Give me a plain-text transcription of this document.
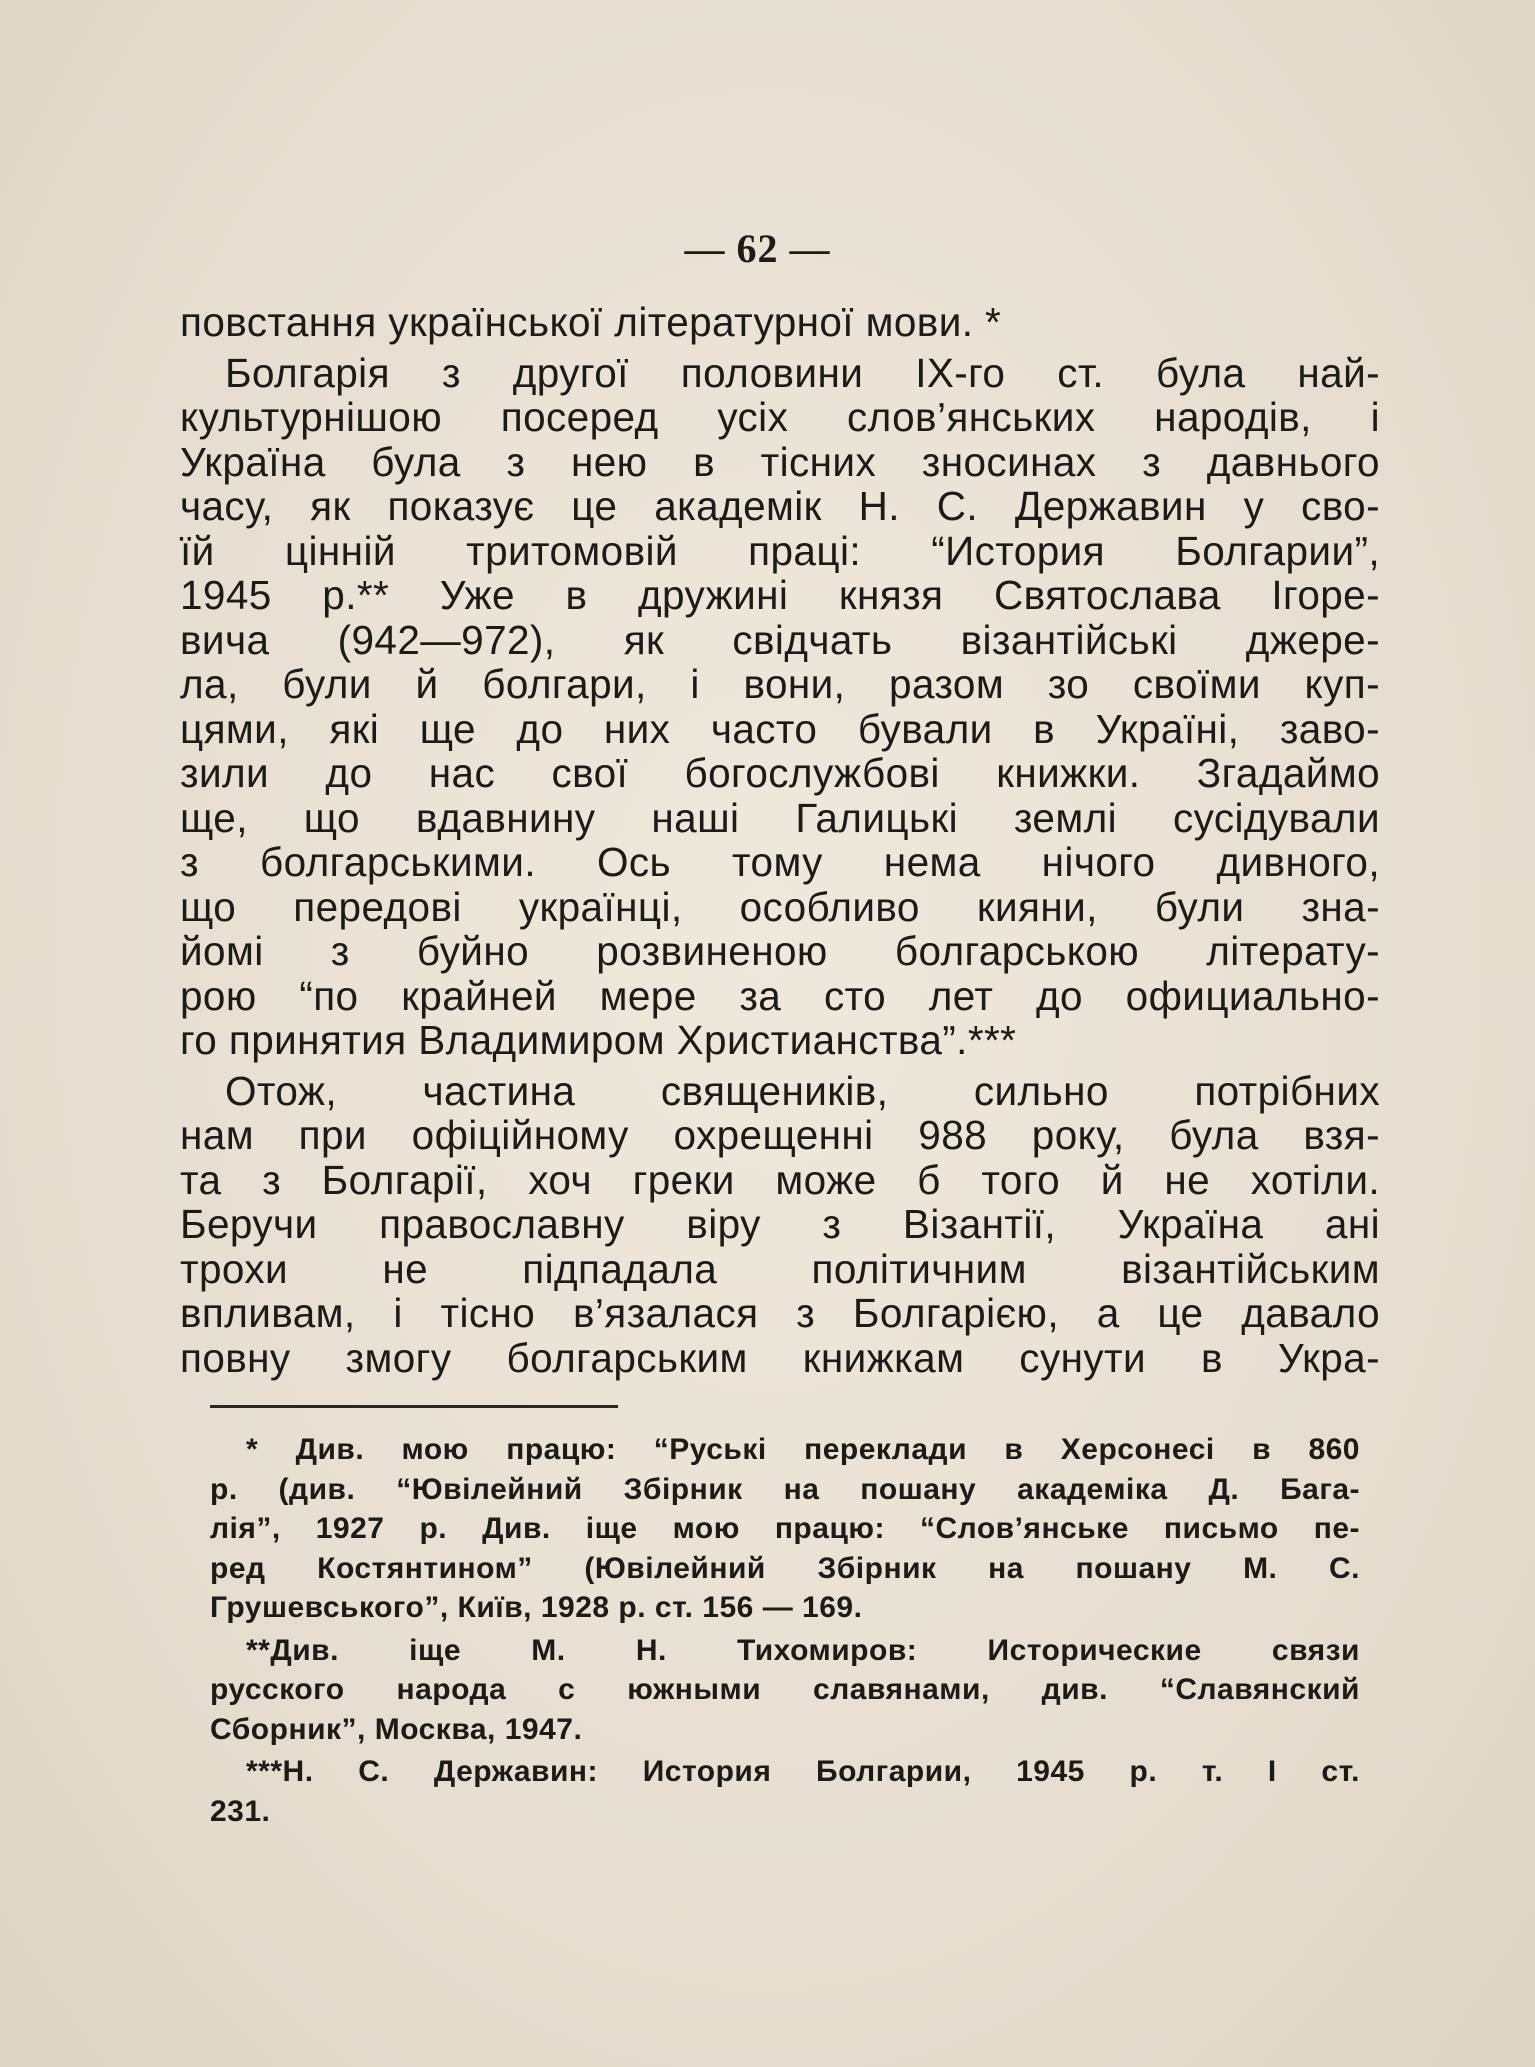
— 62 —
повстання української літературної мови. *
Болгарія з другої половини IX-го ст. була най-
культурнішою посеред усіх слов’янських народів, і
Україна була з нею в тісних зносинах з давнього
часу, як показує це академік Н. С. Державин у сво-
їй цінній тритомовій праці: “История Болгарии”,
1945 р.** Уже в дружині князя Святослава Ігоре-
вича (942—972), як свідчать візантійські джере-
ла, були й болгари, і вони, разом зо своїми куп-
цями, які ще до них часто бували в Україні, заво-
зили до нас свої богослужбові книжки. Згадаймо
ще, що вдавнину наші Галицькі землі сусідували
з болгарськими. Ось тому нема нічого дивного,
що передові українці, особливо кияни, були зна-
йомі з буйно розвиненою болгарською літерату-
рою “по крайней мере за сто лет до официально-
го принятия Владимиром Христианства”.***
Отож, частина священиків, сильно потрібних
нам при офіційному охрещенні 988 року, була взя-
та з Болгарії, хоч греки може б того й не хотіли.
Беручи православну віру з Візантії, Україна ані
трохи не підпадала політичним візантійським
впливам, і тісно в’язалася з Болгарією, а це давало
повну змогу болгарським книжкам сунути в Укра-
* Див. мою працю: “Руські переклади в Херсонесі в 860
р. (див. “Ювілейний Збірник на пошану академіка Д. Бага-
лія”, 1927 р. Див. іще мою працю: “Слов’янське письмо пе-
ред Костянтином” (Ювілейний Збірник на пошану М. С.
Грушевського”, Київ, 1928 р. ст. 156 — 169.
**Див. іще М. Н. Тихомиров: Исторические связи
русского народа с южными славянами, див. “Славянский
Сборник”, Москва, 1947.
***Н. С. Державин: История Болгарии, 1945 р. т. I ст.
231.
